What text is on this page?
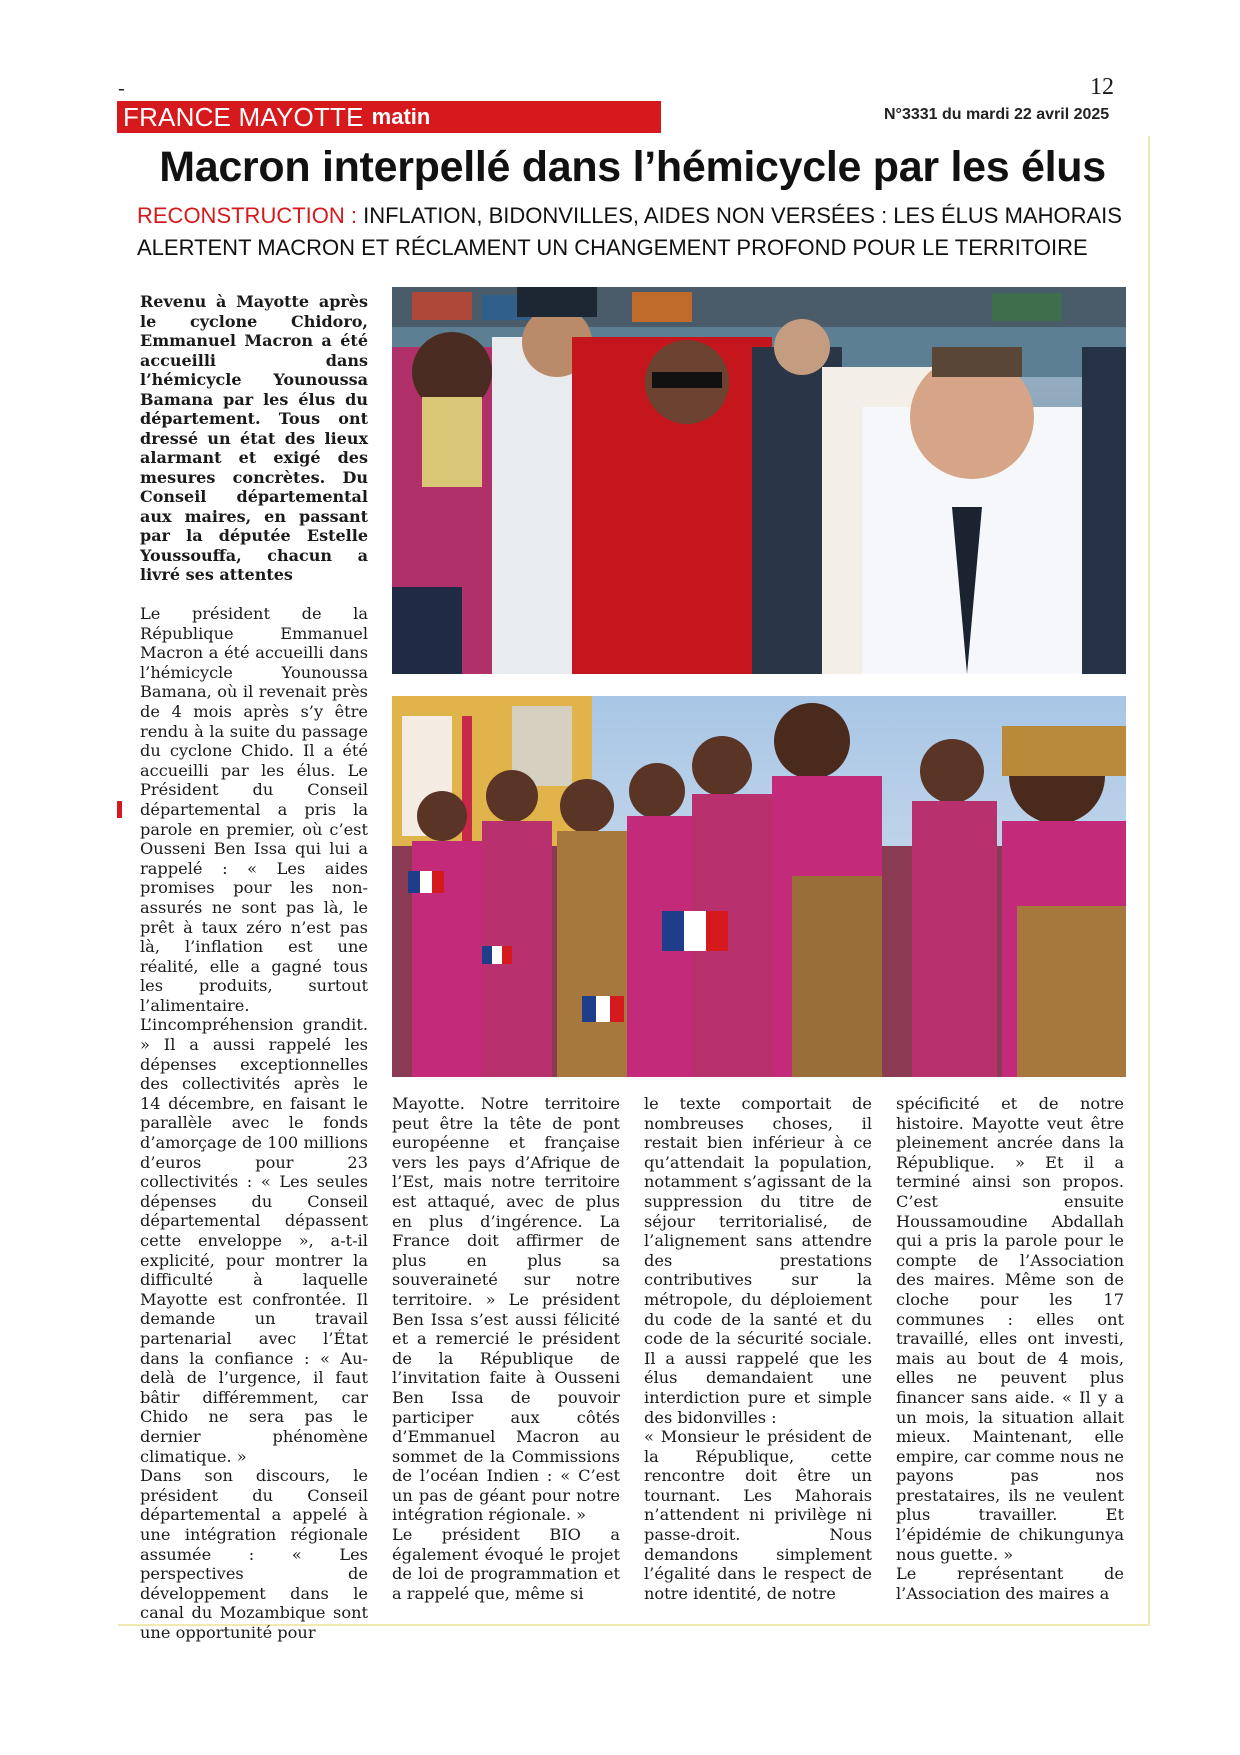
-	12
FRANCE MAYOTTE matin	N°3331 du mardi 22 avril 2025
Macron interpellé dans l’hémicycle par les élus
RECONSTRUCTION : INFLATION, BIDONVILLES, AIDES NON VERSÉES : LES ÉLUS MAHORAIS ALERTENT MACRON ET RÉCLAMENT UN CHANGEMENT PROFOND POUR LE TERRITOIRE
Revenu à Mayotte après le cyclone Chidoro, Emmanuel Macron a été accueilli dans l’hémicycle Younoussa Bamana par les élus du département. Tous ont dressé un état des lieux alarmant et exigé des mesures concrètes. Du Conseil départemental aux maires, en passant par la députée Estelle Youssouffa, chacun a livré ses attentes

Le président de la République Emmanuel Macron a été accueilli dans l’hémicycle Younoussa Bamana, où il revenait près de 4 mois après s’y être rendu à la suite du passage du cyclone Chido. Il a été accueilli par les élus. Le Président du Conseil départemental a pris la parole en premier, où c’est Ousseni Ben Issa qui lui a rappelé : « Les aides promises pour les non-assurés ne sont pas là, le prêt à taux zéro n’est pas là, l’inflation est une réalité, elle a gagné tous les produits, surtout l’alimentaire. L’incompréhension grandit. » Il a aussi rappelé les dépenses exceptionnelles des collectivités après le 14 décembre, en faisant le parallèle avec le fonds d’amorçage de 100 millions d’euros pour 23 collectivités : « Les seules dépenses du Conseil départemental dépassent cette enveloppe », a-t-il explicité, pour montrer la difficulté à laquelle Mayotte est confrontée. Il demande un travail partenarial avec l’État dans la confiance : « Au-delà de l’urgence, il faut bâtir différemment, car Chido ne sera pas le dernier phénomène climatique. »

Dans son discours, le président du Conseil départemental a appelé à une intégration régionale assumée : « Les perspectives de développement dans le canal du Mozambique sont une opportunité pour

Mayotte. Notre territoire peut être la tête de pont européenne et française vers les pays d’Afrique de l’Est, mais notre territoire est attaqué, avec de plus en plus d’ingérence. La France doit affirmer de plus en plus sa souveraineté sur notre territoire. » Le président Ben Issa s’est aussi félicité et a remercié le président de la République de l’invitation faite à Ousseni Ben Issa de pouvoir participer aux côtés d’Emmanuel Macron au sommet de la Commissions de l’océan Indien : « C’est un pas de géant pour notre intégration régionale. »

Le président BIO a également évoqué le projet de loi de programmation et a rappelé que, même si

le texte comportait de nombreuses choses, il restait bien inférieur à ce qu’attendait la population, notamment s’agissant de la suppression du titre de séjour territorialisé, de l’alignement sans attendre des prestations contributives sur la métropole, du déploiement du code de la santé et du code de la sécurité sociale. Il a aussi rappelé que les élus demandaient une interdiction pure et simple des bidonvilles :

« Monsieur le président de la République, cette rencontre doit être un tournant. Les Mahorais n’attendent ni privilège ni passe-droit. Nous demandons simplement l’égalité dans le respect de notre identité, de notre

spécificité et de notre histoire. Mayotte veut être pleinement ancrée dans la République. » Et il a terminé ainsi son propos. C’est ensuite Houssamoudine Abdallah qui a pris la parole pour le compte de l’Association des maires. Même son de cloche pour les 17 communes : elles ont travaillé, elles ont investi, mais au bout de 4 mois, elles ne peuvent plus financer sans aide. « Il y a un mois, la situation allait mieux. Maintenant, elle empire, car comme nous ne payons pas nos prestataires, ils ne veulent plus travailler. Et l’épidémie de chikungunya nous guette. »

Le représentant de l’Association des maires a
